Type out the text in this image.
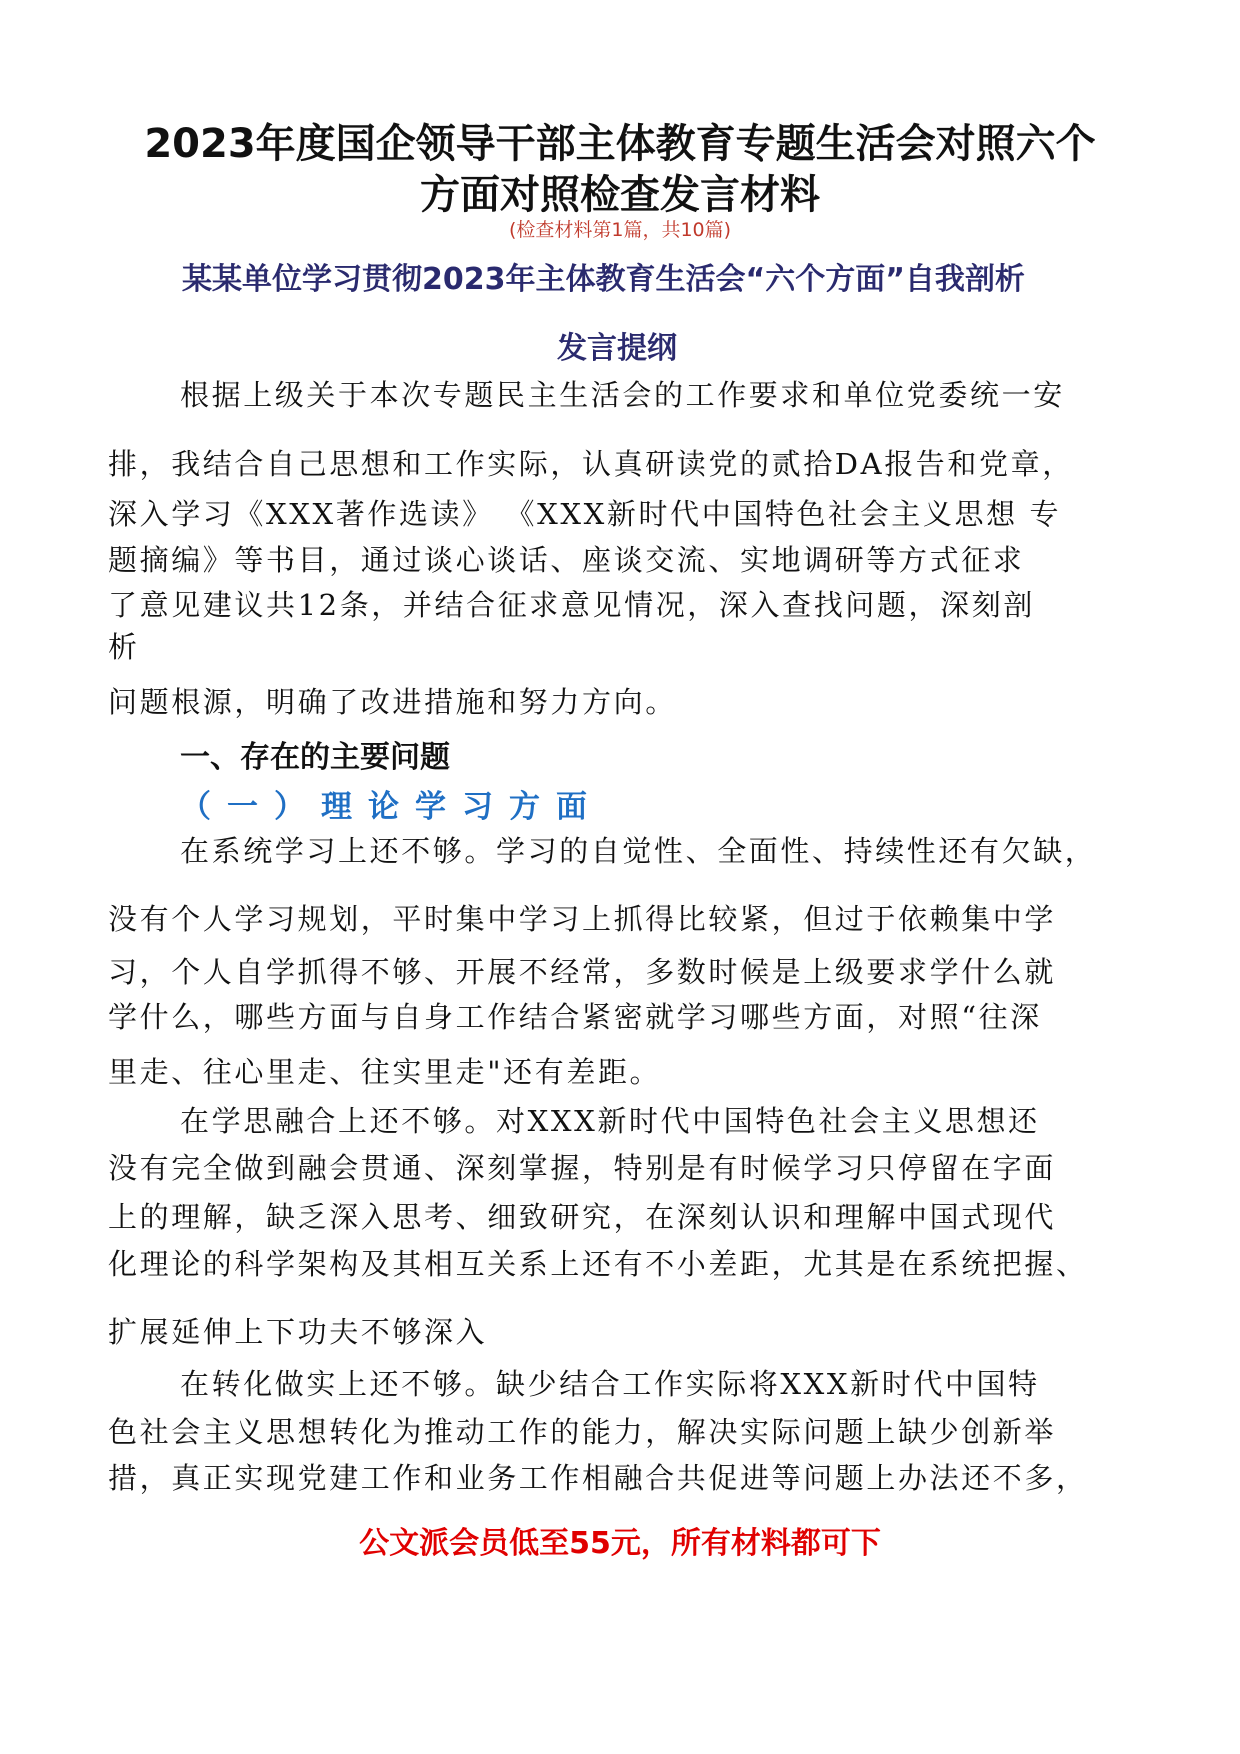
2023年度国企领导干部主体教育专题生活会对照六个
方面对照检查发言材料
(检查材料第1篇，共10篇)
某某单位学习贯彻2023年主体教育生活会“六个方面”自我剖析
发言提纲

根据上级关于本次专题民主生活会的工作要求和单位党委统一安

排，我结合自己思想和工作实际，认真研读党的贰拾DA报告和党章，

深入学习《XXX著作选读》 《XXX新时代中国特色社会主义思想 专

题摘编》等书目，通过谈心谈话、座谈交流、实地调研等方式征求

了意见建议共12条，并结合征求意见情况，深入查找问题，深刻剖

析

问题根源，明确了改进措施和努力方向。

一、存在的主要问题
（一）理论学习方面

在系统学习上还不够。学习的自觉性、全面性、持续性还有欠缺，

没有个人学习规划，平时集中学习上抓得比较紧，但过于依赖集中学

习，个人自学抓得不够、开展不经常，多数时候是上级要求学什么就

学什么，哪些方面与自身工作结合紧密就学习哪些方面，对照“往深

里走、往心里走、往实里走"还有差距。

在学思融合上还不够。对XXX新时代中国特色社会主义思想还

没有完全做到融会贯通、深刻掌握，特别是有时候学习只停留在字面

上的理解，缺乏深入思考、细致研究，在深刻认识和理解中国式现代

化理论的科学架构及其相互关系上还有不小差距，尤其是在系统把握、

扩展延伸上下功夫不够深入

在转化做实上还不够。缺少结合工作实际将XXX新时代中国特

色社会主义思想转化为推动工作的能力，解决实际问题上缺少创新举

措，真正实现党建工作和业务工作相融合共促进等问题上办法还不多，

公文派会员低至55元，所有材料都可下
